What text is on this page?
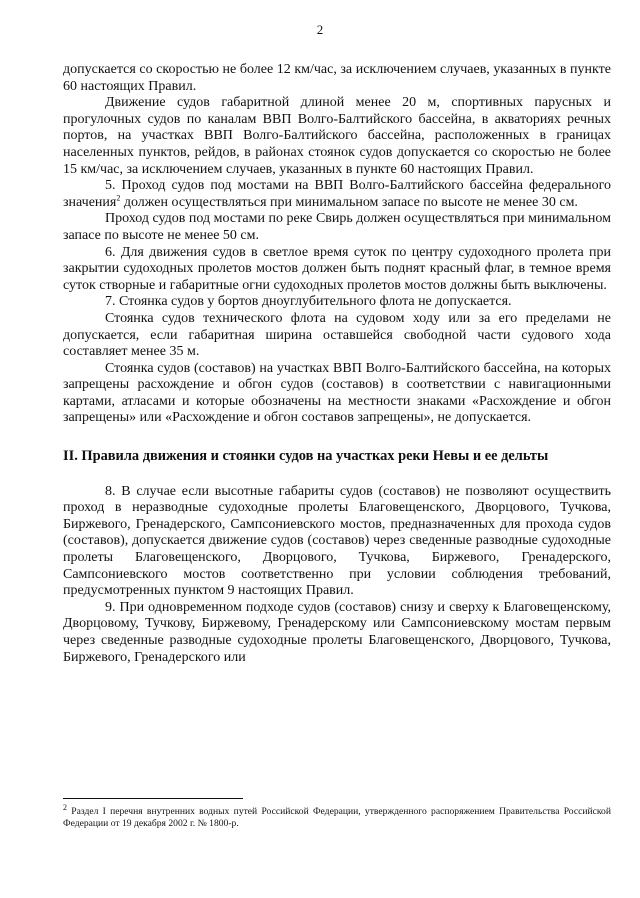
2

допускается со скоростью не более 12 км/час, за исключением случаев, указанных в пункте 60 настоящих Правил.

Движение судов габаритной длиной менее 20 м, спортивных парусных и прогулочных судов по каналам ВВП Волго-Балтийского бассейна, в акваториях речных портов, на участках ВВП Волго-Балтийского бассейна, расположенных в границах населенных пунктов, рейдов, в районах стоянок судов допускается со скоростью не более 15 км/час, за исключением случаев, указанных в пункте 60 настоящих Правил.

5. Проход судов под мостами на ВВП Волго-Балтийского бассейна федерального значения$^2$ должен осуществляться при минимальном запасе по высоте не менее 30 см.

Проход судов под мостами по реке Свирь должен осуществляться при минимальном запасе по высоте не менее 50 см.

6. Для движения судов в светлое время суток по центру судоходного пролета при закрытии судоходных пролетов мостов должен быть поднят красный флаг, в темное время суток створные и габаритные огни судоходных пролетов мостов должны быть выключены.

7. Стоянка судов у бортов дноуглубительного флота не допускается.

Стоянка судов технического флота на судовом ходу или за его пределами не допускается, если габаритная ширина оставшейся свободной части судового хода составляет менее 35 м.

Стоянка судов (составов) на участках ВВП Волго-Балтийского бассейна, на которых запрещены расхождение и обгон судов (составов) в соответствии с навигационными картами, атласами и которые обозначены на местности знаками «Расхождение и обгон запрещены» или «Расхождение и обгон составов запрещены», не допускается.

II. Правила движения и стоянки судов на участках реки Невы и ее дельты

8. В случае если высотные габариты судов (составов) не позволяют осуществить проход в неразводные судоходные пролеты Благовещенского, Дворцового, Тучкова, Биржевого, Гренадерского, Сампсониевского мостов, предназначенных для прохода судов (составов), допускается движение судов (составов) через сведенные разводные судоходные пролеты Благовещенского, Дворцового, Тучкова, Биржевого, Гренадерского, Сампсониевского мостов соответственно при условии соблюдения требований, предусмотренных пунктом 9 настоящих Правил.

9. При одновременном подходе судов (составов) снизу и сверху к Благовещенскому, Дворцовому, Тучкову, Биржевому, Гренадерскому или Сампсониевскому мостам первым через сведенные разводные судоходные пролеты Благовещенского, Дворцового, Тучкова, Биржевого, Гренадерского или

$^2$ Раздел I перечня внутренних водных путей Российской Федерации, утвержденного распоряжением Правительства Российской Федерации от 19 декабря 2002 г. № 1800-р.
